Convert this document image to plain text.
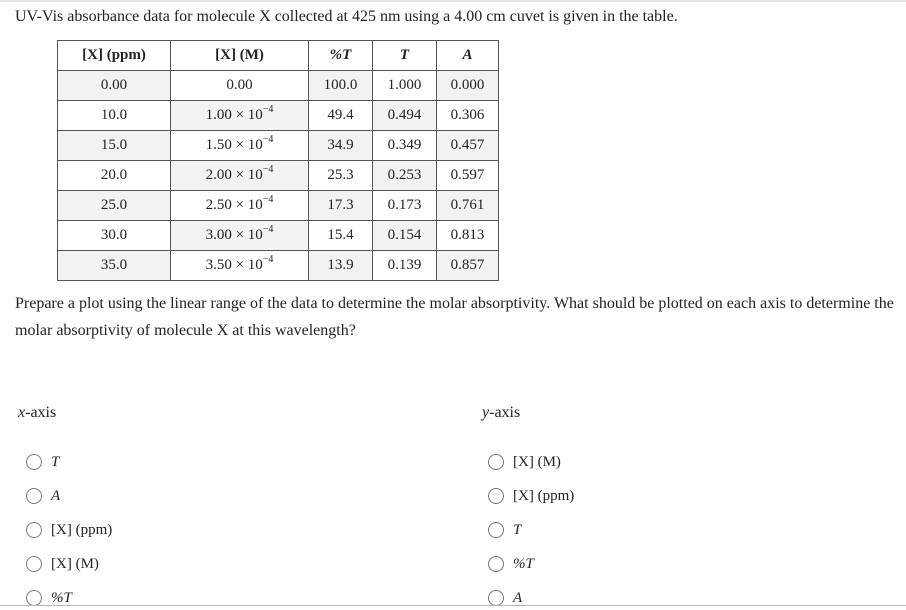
UV-Vis absorbance data for molecule X collected at 425 nm using a 4.00 cm cuvet is given in the table.
[X] (ppm)	[X] (M)	%T	T	A
0.00	0.00	100.0	1.000	0.000
10.0	$1.00 \times 10^{-4}$	49.4	0.494	0.306
15.0	$1.50 \times 10^{-4}$	34.9	0.349	0.457
20.0	$2.00 \times 10^{-4}$	25.3	0.253	0.597
25.0	$2.50 \times 10^{-4}$	17.3	0.173	0.761
30.0	$3.00 \times 10^{-4}$	15.4	0.154	0.813
35.0	$3.50 \times 10^{-4}$	13.9	0.139	0.857
Prepare a plot using the linear range of the data to determine the molar absorptivity. What should be plotted on each axis to determine the molar absorptivity of molecule X at this wavelength?
x-axis
T
A
[X] (ppm)
[X] (M)
%T
y-axis
[X] (M)
[X] (ppm)
T
%T
A
